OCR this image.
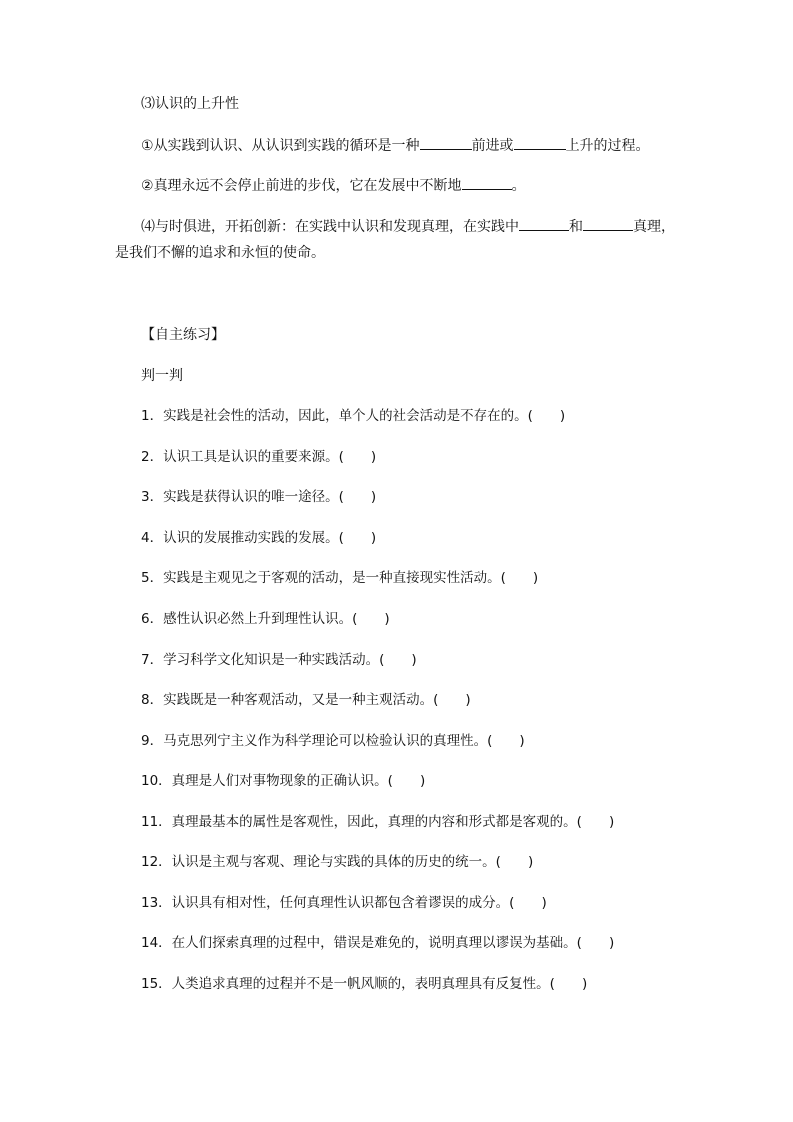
⑶认识的上升性
①从实践到认识、从认识到实践的循环是一种	前进或	上升的过程。
②真理永远不会停止前进的步伐，它在发展中不断地	。
⑷与时俱进，开拓创新：在实践中认识和发现真理，在实践中	和	真理，
是我们不懈的追求和永恒的使命。
【自主练习】
判一判
1．实践是社会性的活动，因此，单个人的社会活动是不存在的。(　　)
2．认识工具是认识的重要来源。(　　)
3．实践是获得认识的唯一途径。(　　)
4．认识的发展推动实践的发展。(　　)
5．实践是主观见之于客观的活动，是一种直接现实性活动。(　　)
6．感性认识必然上升到理性认识。(　　)
7．学习科学文化知识是一种实践活动。(　　)
8．实践既是一种客观活动，又是一种主观活动。(　　)
9．马克思列宁主义作为科学理论可以检验认识的真理性。(　　)
10．真理是人们对事物现象的正确认识。(　　)
11．真理最基本的属性是客观性，因此，真理的内容和形式都是客观的。(　　)
12．认识是主观与客观、理论与实践的具体的历史的统一。(　　)
13．认识具有相对性，任何真理性认识都包含着谬误的成分。(　　)
14．在人们探索真理的过程中，错误是难免的，说明真理以谬误为基础。(　　)
15．人类追求真理的过程并不是一帆风顺的，表明真理具有反复性。(　　)
